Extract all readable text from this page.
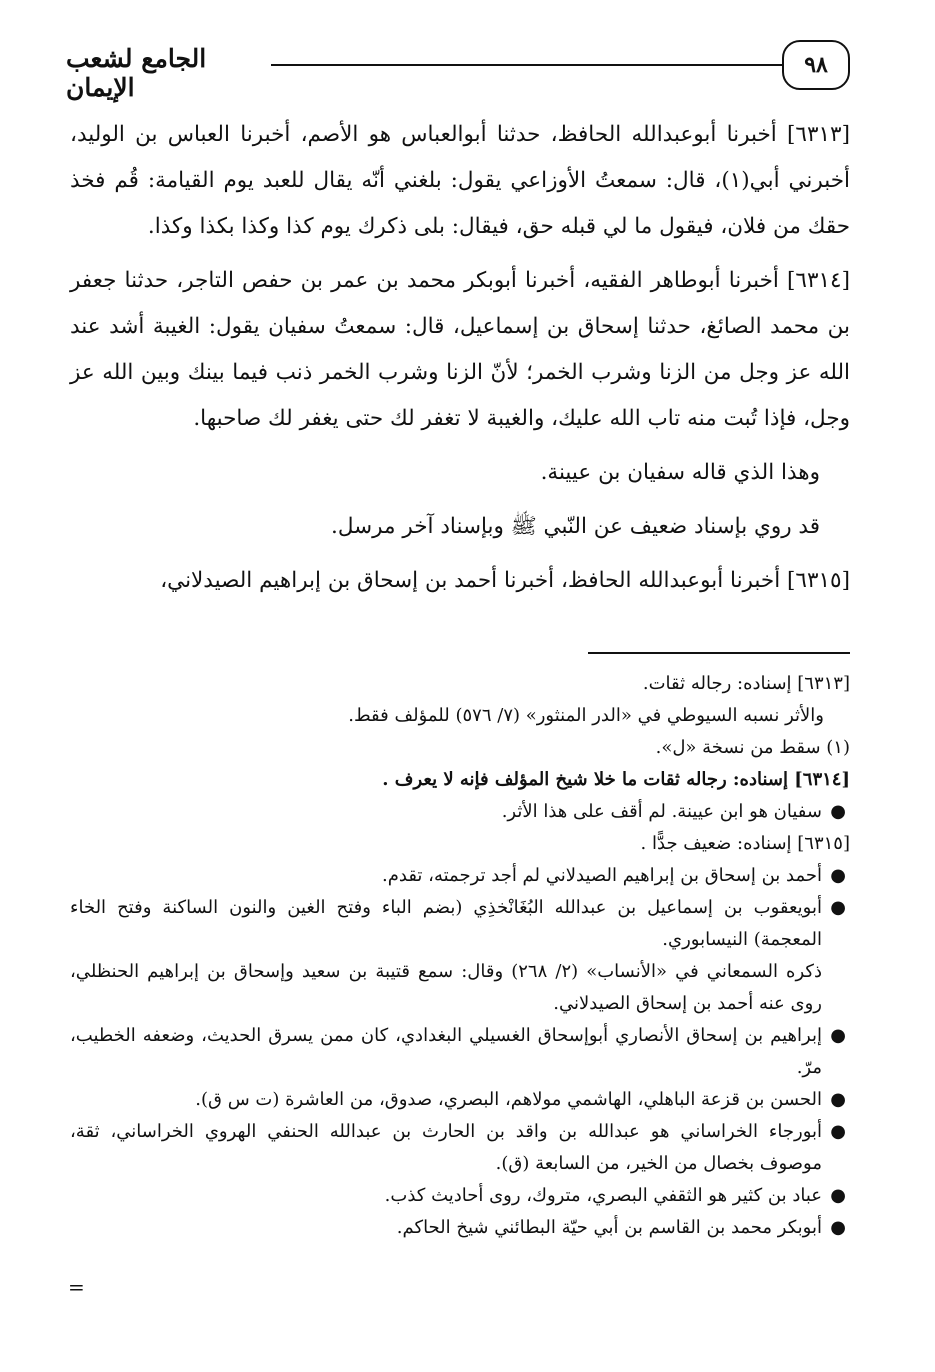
٩٨
الجامع لشعب الإيمان

[٦٣١٣] أخبرنا أبوعبدالله الحافظ، حدثنا أبوالعباس هو الأصم، أخبرنا العباس بن الوليد، أخبرني أبي(١)، قال: سمعتُ الأوزاعي يقول: بلغني أنّه يقال للعبد يوم القيامة: قُم فخذ حقك من فلان، فيقول ما لي قبله حق، فيقال: بلى ذكرك يوم كذا وكذا بكذا وكذا.

[٦٣١٤] أخبرنا أبوطاهر الفقيه، أخبرنا أبوبكر محمد بن عمر بن حفص التاجر، حدثنا جعفر بن محمد الصائغ، حدثنا إسحاق بن إسماعيل، قال: سمعتُ سفيان يقول: الغيبة أشد عند الله عز وجل من الزنا وشرب الخمر؛ لأنّ الزنا وشرب الخمر ذنب فيما بينك وبين الله عز وجل، فإذا تُبت منه تاب الله عليك، والغيبة لا تغفر لك حتى يغفر لك صاحبها.

وهذا الذي قاله سفيان بن عيينة.

قد روي بإسناد ضعيف عن النّبي ﷺ وبإسناد آخر مرسل.

[٦٣١٥] أخبرنا أبوعبدالله الحافظ، أخبرنا أحمد بن إسحاق بن إبراهيم الصيدلاني،

[٦٣١٣] إسناده: رجاله ثقات.

والأثر نسبه السيوطي في «الدر المنثور» (٧/ ٥٧٦) للمؤلف فقط.

(١) سقط من نسخة «ل».

[٦٣١٤] إسناده: رجاله ثقات ما خلا شيخ المؤلف فإنه لا يعرف .

●
سفيان هو ابن عيينة. لم أقف على هذا الأثر.

[٦٣١٥] إسناده: ضعيف جدًّا .

●
أحمد بن إسحاق بن إبراهيم الصيدلاني لم أجد ترجمته، تقدم.

●
أبويعقوب بن إسماعيل بن عبدالله البُغَانْخذِي (بضم الباء وفتح الغين والنون الساكنة وفتح الخاء المعجمة) النيسابوري.

ذكره السمعاني في «الأنساب» (٢/ ٢٦٨) وقال: سمع قتيبة بن سعيد وإسحاق بن إبراهيم الحنظلي، روى عنه أحمد بن إسحاق الصيدلاني.

●
إبراهيم بن إسحاق الأنصاري أبوإسحاق الغسيلي البغدادي، كان ممن يسرق الحديث، وضعفه الخطيب، مرّ.

●
الحسن بن قزعة الباهلي، الهاشمي مولاهم، البصري، صدوق، من العاشرة (ت س ق).

●
أبورجاء الخراساني هو عبدالله بن واقد بن الحارث بن عبدالله الحنفي الهروي الخراساني، ثقة، موصوف بخصال من الخير، من السابعة (ق).

●
عباد بن كثير هو الثقفي البصري، متروك، روى أحاديث كذب.

●
أبوبكر محمد بن القاسم بن أبي حيّة البطائني شيخ الحاكم.

=
